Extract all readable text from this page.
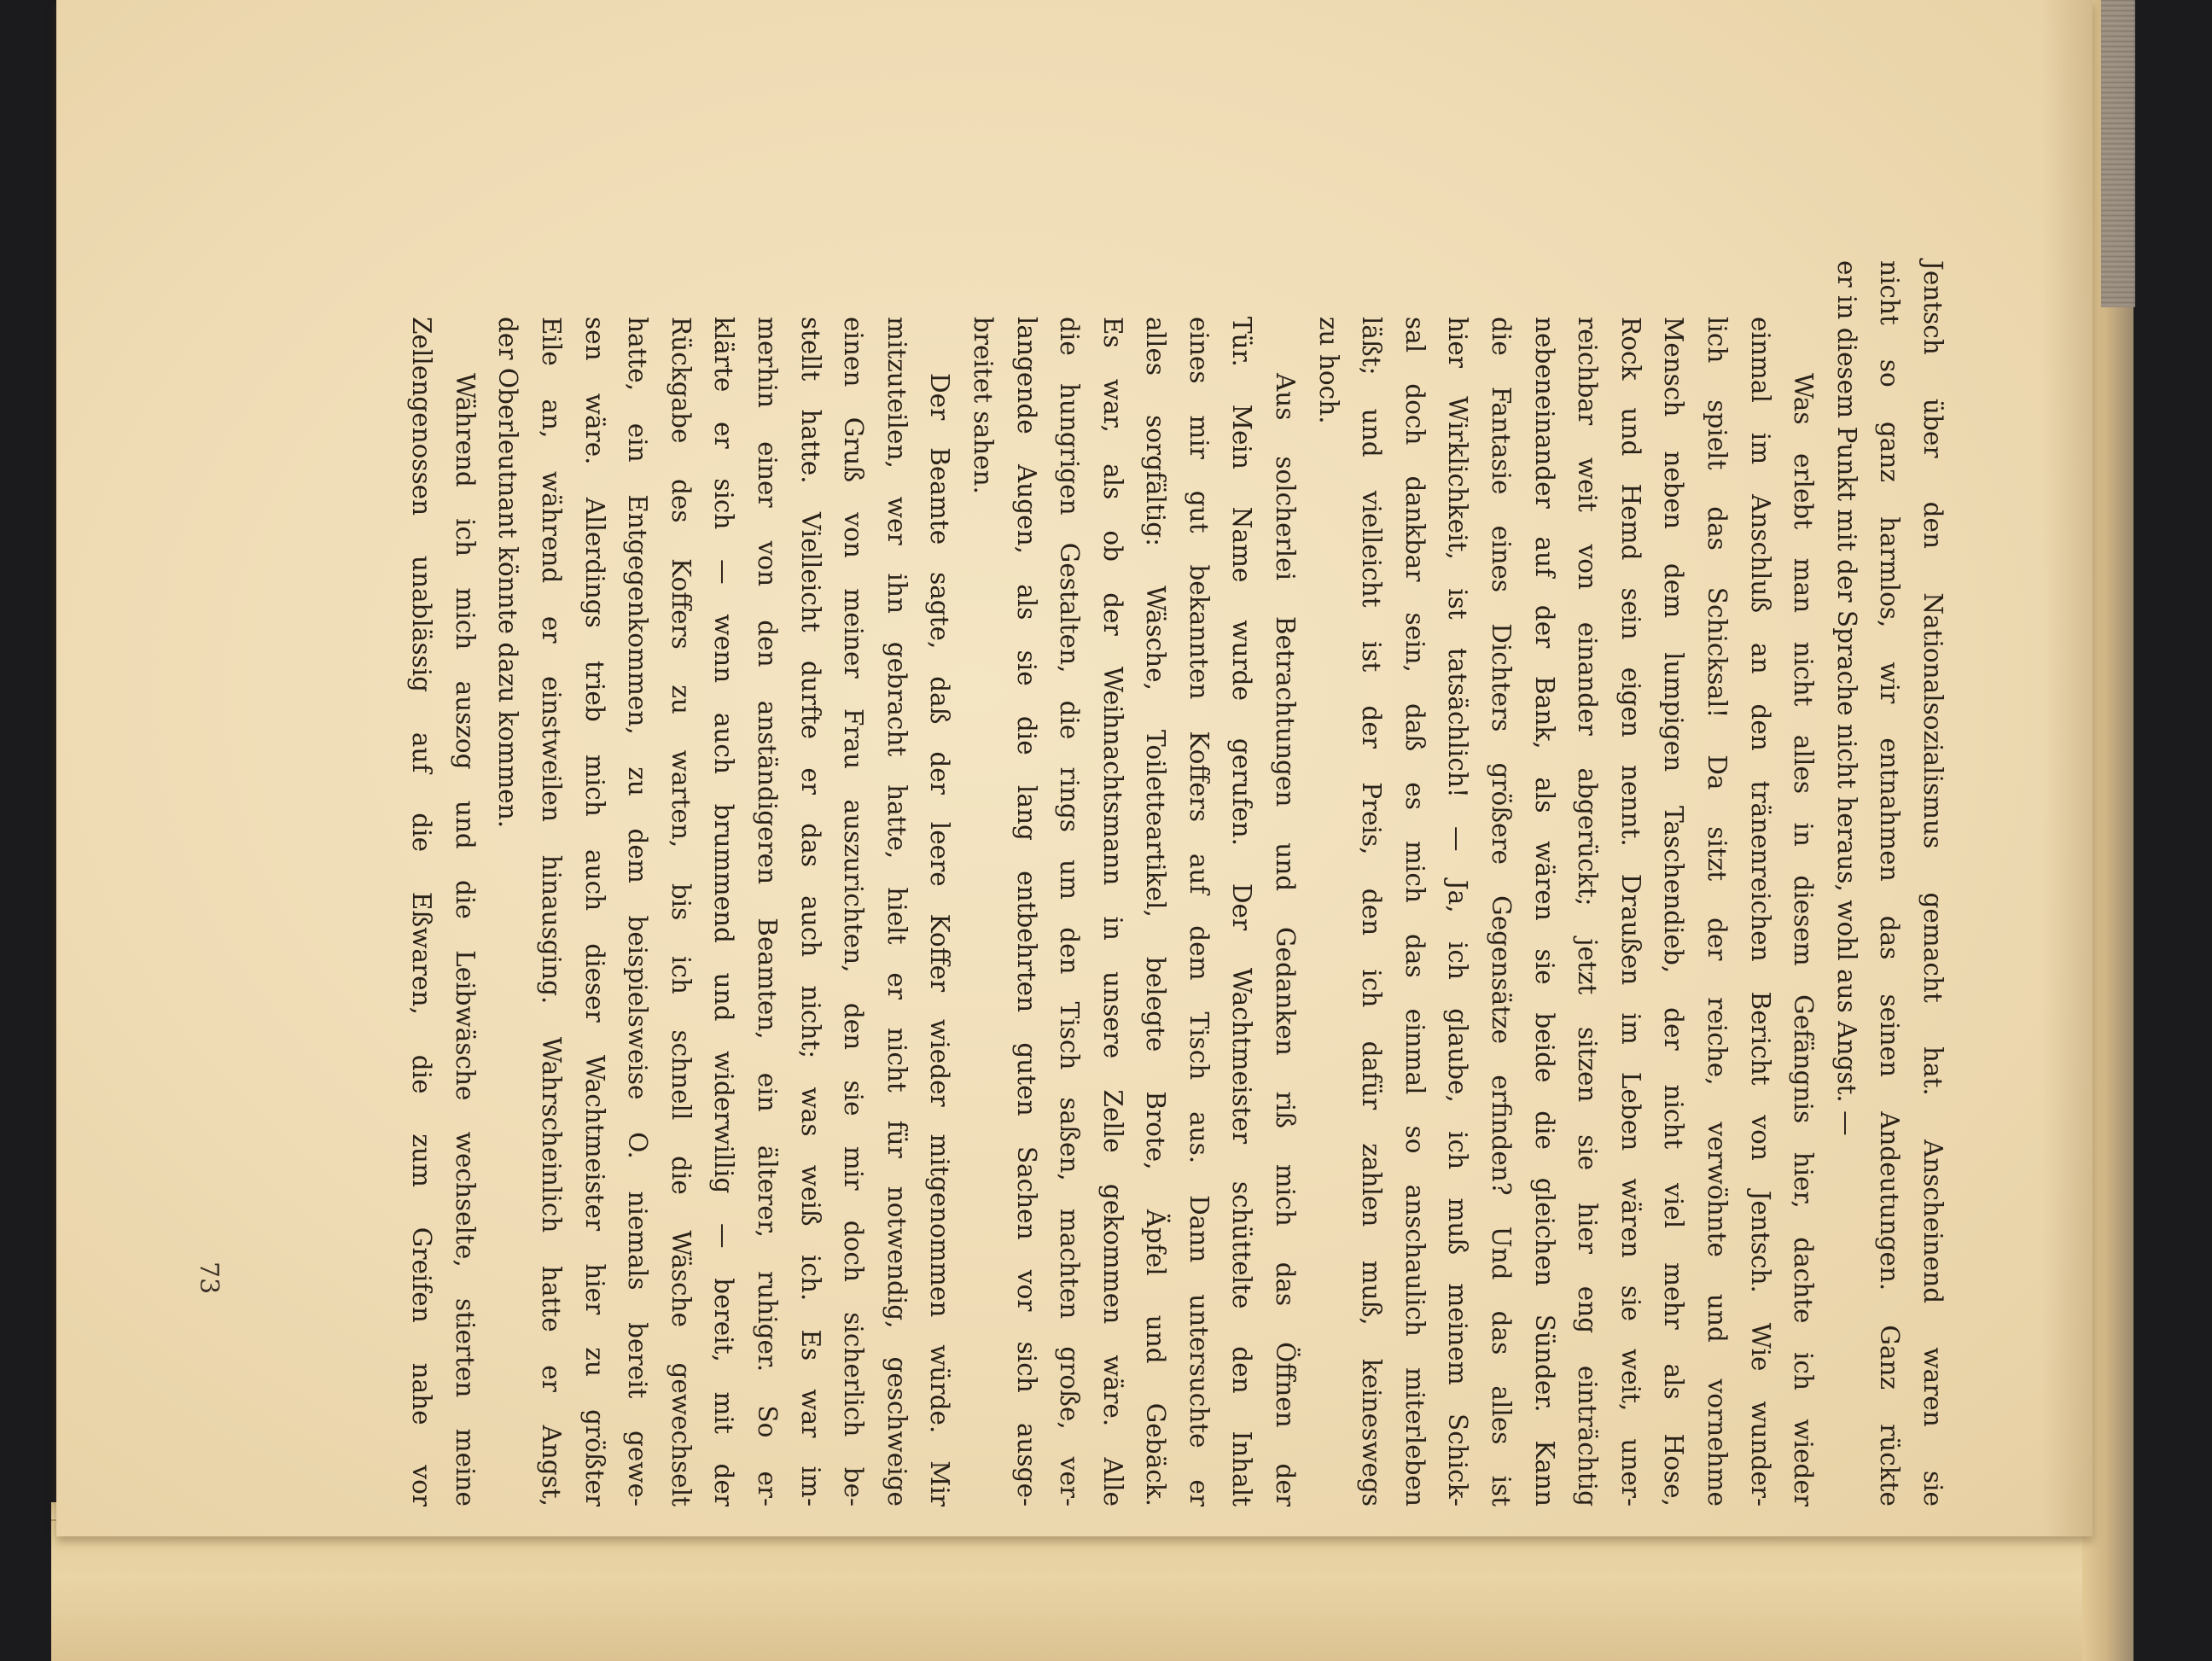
Jentsch über den Nationalsozialismus gemacht hat. Anscheinend waren sie
nicht so ganz harmlos, wir entnahmen das seinen Andeutungen. Ganz rückte
er in diesem Punkt mit der Sprache nicht heraus, wohl aus Angst. —
Was erlebt man nicht alles in diesem Gefängnis hier, dachte ich wieder
einmal im Anschluß an den tränenreichen Bericht von Jentsch. Wie wunder-
lich spielt das Schicksal! Da sitzt der reiche, verwöhnte und vornehme
Mensch neben dem lumpigen Taschendieb, der nicht viel mehr als Hose,
Rock und Hemd sein eigen nennt. Draußen im Leben wären sie weit, uner-
reichbar weit von einander abgerückt; jetzt sitzen sie hier eng einträchtig
nebeneinander auf der Bank, als wären sie beide die gleichen Sünder. Kann
die Fantasie eines Dichters größere Gegensätze erfinden? Und das alles ist
hier Wirklichkeit, ist tatsächlich! — Ja, ich glaube, ich muß meinem Schick-
sal doch dankbar sein, daß es mich das einmal so anschaulich miterleben
läßt; und vielleicht ist der Preis, den ich dafür zahlen muß, keineswegs
zu hoch.
Aus solcherlei Betrachtungen und Gedanken riß mich das Öffnen der
Tür. Mein Name wurde gerufen. Der Wachtmeister schüttelte den Inhalt
eines mir gut bekannten Koffers auf dem Tisch aus. Dann untersuchte er
alles sorgfältig: Wäsche, Toiletteartikel, belegte Brote, Äpfel und Gebäck.
Es war, als ob der Weihnachtsmann in unsere Zelle gekommen wäre. Alle
die hungrigen Gestalten, die rings um den Tisch saßen, machten große, ver-
langende Augen, als sie die lang entbehrten guten Sachen vor sich ausge-
breitet sahen.
Der Beamte sagte, daß der leere Koffer wieder mitgenommen würde. Mir
mitzuteilen, wer ihn gebracht hatte, hielt er nicht für notwendig, geschweige
einen Gruß von meiner Frau auszurichten, den sie mir doch sicherlich be-
stellt hatte. Vielleicht durfte er das auch nicht; was weiß ich. Es war im-
merhin einer von den anständigeren Beamten, ein älterer, ruhiger. So er-
klärte er sich — wenn auch brummend und widerwillig — bereit, mit der
Rückgabe des Koffers zu warten, bis ich schnell die Wäsche gewechselt
hatte, ein Entgegenkommen, zu dem beispielsweise O. niemals bereit gewe-
sen wäre. Allerdings trieb mich auch dieser Wachtmeister hier zu größter
Eile an, während er einstweilen hinausging. Wahrscheinlich hatte er Angst,
der Oberleutnant könnte dazu kommen.
Während ich mich auszog und die Leibwäsche wechselte, stierten meine
Zellengenossen unablässig auf die Eßwaren, die zum Greifen nahe vor
73
